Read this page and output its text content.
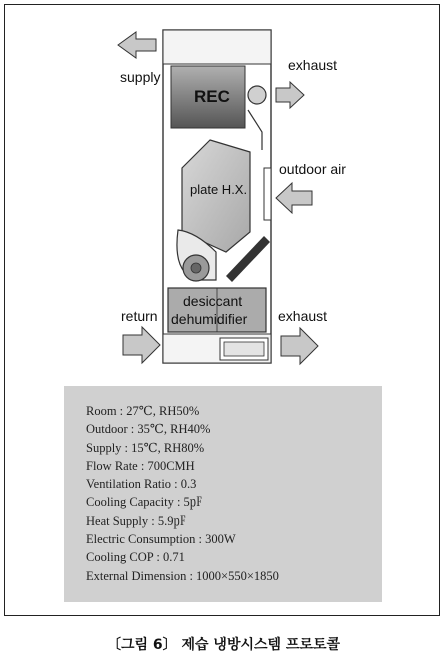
supply
exhaust
REC
outdoor air
plate H.X.
desiccant
dehumidifier
return	exhaust
Room : 27℃, RH50%
Outdoor : 35℃, RH40%
Supply : 15℃, RH80%
Flow Rate : 700CMH
Ventilation Ratio : 0.3
Cooling Capacity : 5㎊
Heat Supply : 5.9㎊
Electric Consumption : 300W
Cooling COP : 0.71
External Dimension : 1000×550×1850
〔그림 6〕 제습 냉방시스템 프로토콜
